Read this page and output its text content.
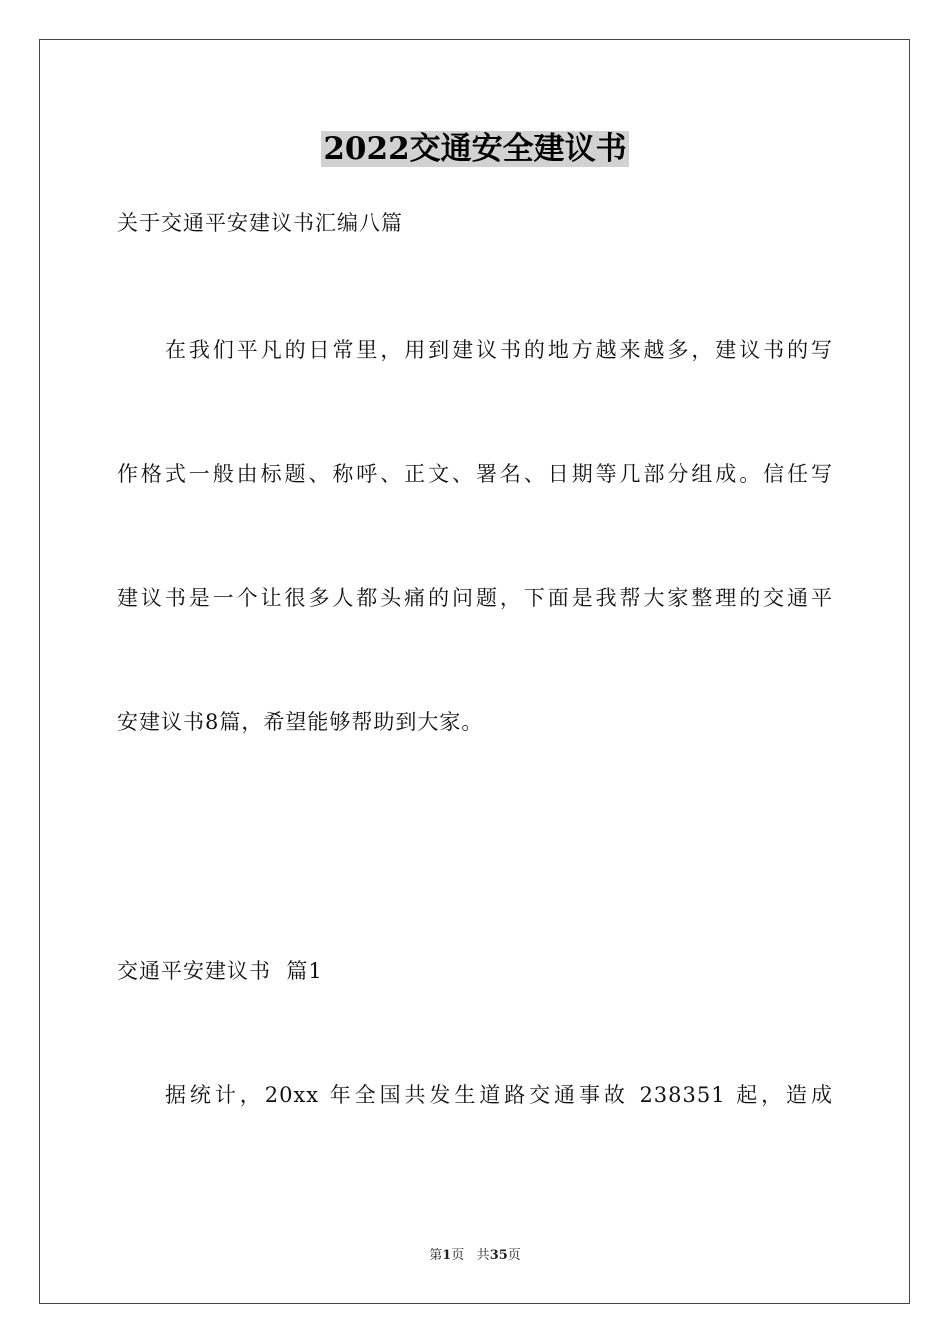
2022交通安全建议书
关于交通平安建议书汇编八篇
在我们平凡的日常里，用到建议书的地方越来越多，建议书的写
作格式一般由标题、称呼、正文、署名、日期等几部分组成。信任写
建议书是一个让很多人都头痛的问题，下面是我帮大家整理的交通平
安建议书8篇，希望能够帮助到大家。
交通平安建议书  篇1
据统计，20xx 年全国共发生道路交通事故 238351 起，造成
第1页 共35页
